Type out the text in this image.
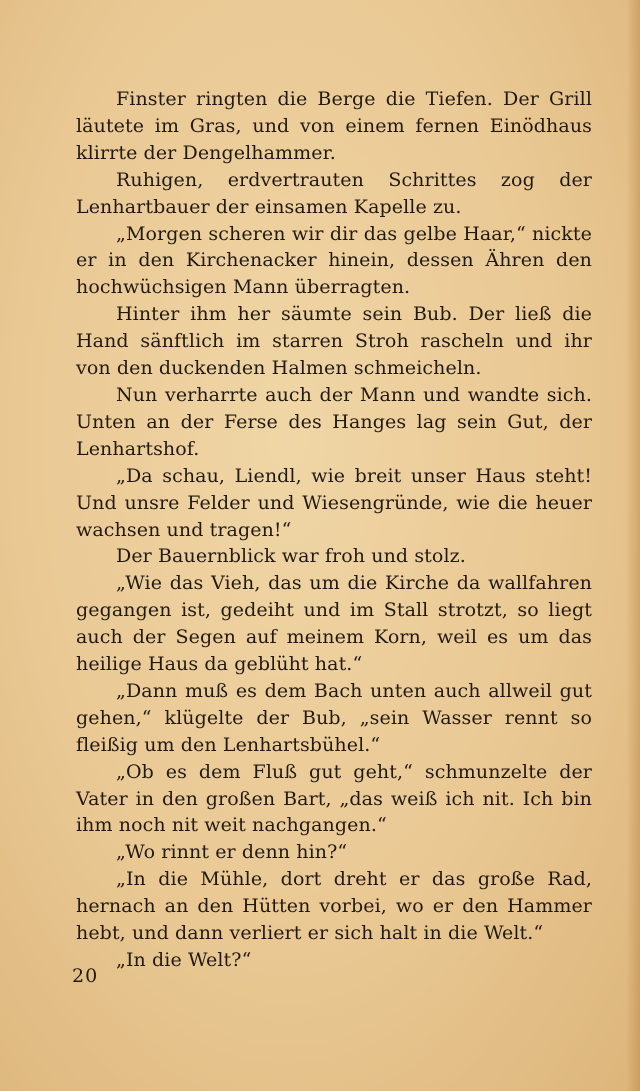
Finster ringten die Berge die Tiefen. Der Grill läutete im Gras, und von einem fernen Einödhaus klirrte der Dengelhammer.

Ruhigen, erdvertrauten Schrittes zog der Lenhartbauer der einsamen Kapelle zu.

„Morgen scheren wir dir das gelbe Haar,“ nickte er in den Kirchenacker hinein, dessen Ähren den hochwüchsigen Mann überragten.

Hinter ihm her säumte sein Bub. Der ließ die Hand sänftlich im starren Stroh rascheln und ihr von den duckenden Halmen schmeicheln.

Nun verharrte auch der Mann und wandte sich. Unten an der Ferse des Hanges lag sein Gut, der Lenhartshof.

„Da schau, Liendl, wie breit unser Haus steht! Und unsre Felder und Wiesengründe, wie die heuer wachsen und tragen!“

Der Bauernblick war froh und stolz.

„Wie das Vieh, das um die Kirche da wallfahren gegangen ist, gedeiht und im Stall strotzt, so liegt auch der Segen auf meinem Korn, weil es um das heilige Haus da geblüht hat.“

„Dann muß es dem Bach unten auch allweil gut gehen,“ klügelte der Bub, „sein Wasser rennt so fleißig um den Lenhartsbühel.“

„Ob es dem Fluß gut geht,“ schmunzelte der Vater in den großen Bart, „das weiß ich nit. Ich bin ihm noch nit weit nachgangen.“

„Wo rinnt er denn hin?“

„In die Mühle, dort dreht er das große Rad, hernach an den Hütten vorbei, wo er den Hammer hebt, und dann verliert er sich halt in die Welt.“

„In die Welt?“

20
